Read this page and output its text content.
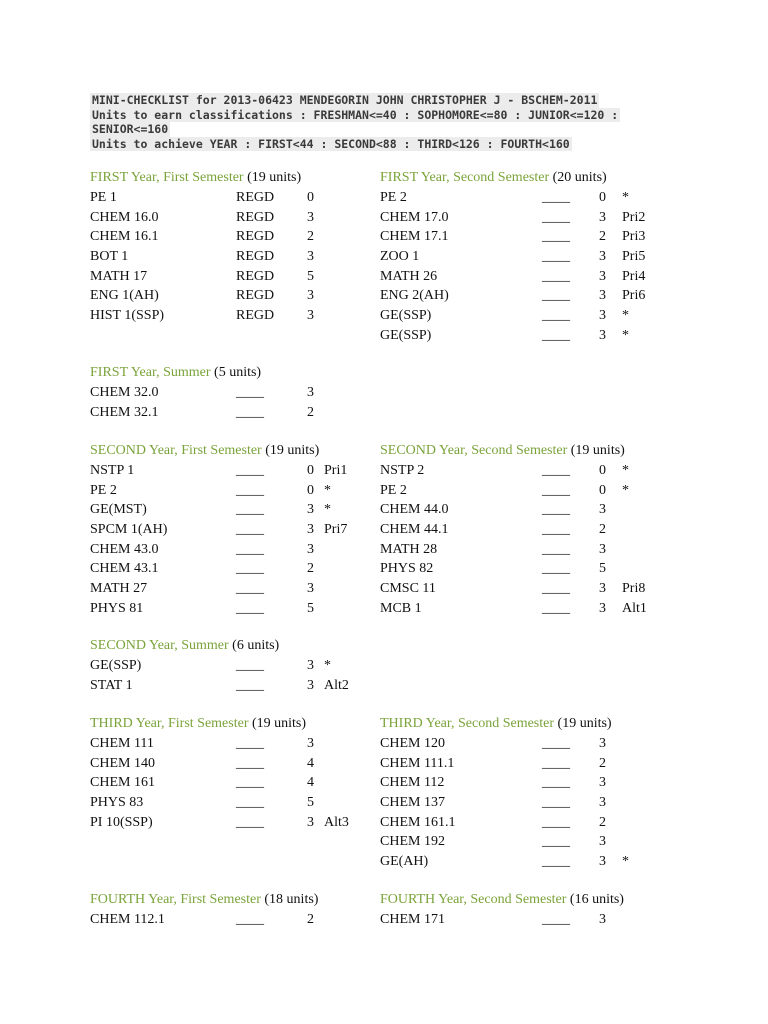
MINI-CHECKLIST for 2013-06423 MENDEGORIN JOHN CHRISTOPHER J - BSCHEM-2011
Units to earn classifications : FRESHMAN<=40 : SOPHOMORE<=80 : JUNIOR<=120 :
SENIOR<=160
Units to achieve YEAR : FIRST<44 : SECOND<88 : THIRD<126 : FOURTH<160
FIRST Year, First Semester (19 units)
PE 1	REGD 0
CHEM 16.0	REGD 3
CHEM 16.1	REGD 2
BOT 1	REGD 3
MATH 17	REGD 5
ENG 1(AH)	REGD 3
HIST 1(SSP)	REGD 3
FIRST Year, Second Semester (20 units)
PE 2	____ 0 *
CHEM 17.0	____ 3 Pri2
CHEM 17.1	____ 2 Pri3
ZOO 1	____ 3 Pri5
MATH 26	____ 3 Pri4
ENG 2(AH)	____ 3 Pri6
GE(SSP)	____ 3 *
GE(SSP)	____ 3 *
FIRST Year, Summer (5 units)
CHEM 32.0	____	3
CHEM 32.1	____	2
SECOND Year, First Semester (19 units)
NSTP 1	____	0 Pri1
PE 2	____	0 *
GE(MST)	____	3 *
SPCM 1(AH)	____	3 Pri7
CHEM 43.0	____	3
CHEM 43.1	____	2
MATH 27	____	3
PHYS 81	____	5
SECOND Year, Second Semester (19 units)
NSTP 2	____ 0 *
PE 2	____ 0 *
CHEM 44.0	____ 3
CHEM 44.1	____ 2
MATH 28	____ 3
PHYS 82	____ 5
CMSC 11	____ 3 Pri8
MCB 1	____ 3 Alt1
SECOND Year, Summer (6 units)
GE(SSP)	____	3 *
STAT 1	____	3 Alt2
THIRD Year, First Semester (19 units)
CHEM 111	____	3
CHEM 140	____	4
CHEM 161	____	4
PHYS 83	____	5
PI 10(SSP)	____	3 Alt3
THIRD Year, Second Semester (19 units)
CHEM 120	____ 3
CHEM 111.1	____ 2
CHEM 112	____ 3
CHEM 137	____ 3
CHEM 161.1	____ 2
CHEM 192	____ 3
GE(AH)	____ 3 *
FOURTH Year, First Semester (18 units)
CHEM 112.1	____	2
FOURTH Year, Second Semester (16 units)
CHEM 171	____ 3
